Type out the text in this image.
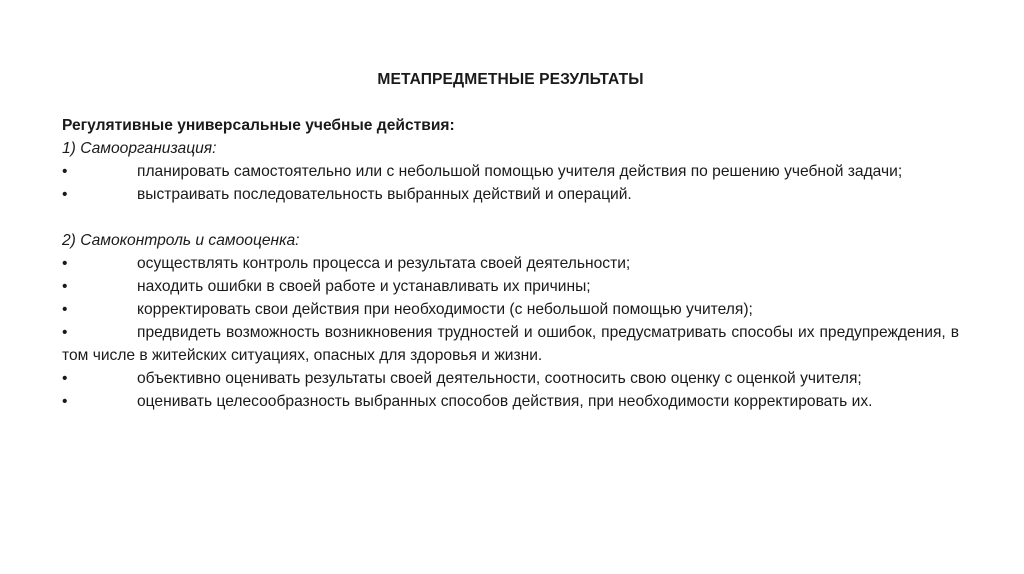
МЕТАПРЕДМЕТНЫЕ РЕЗУЛЬТАТЫ
Регулятивные универсальные учебные действия:
1) Самоорганизация:
•	планировать самостоятельно или с небольшой помощью учителя действия по решению учебной задачи;
•	выстраивать последовательность выбранных действий и операций.
2) Самоконтроль и самооценка:
•	осуществлять контроль процесса и результата своей деятельности;
•	находить ошибки в своей работе и устанавливать их причины;
•	корректировать свои действия при необходимости (с небольшой помощью учителя);
•	предвидеть возможность возникновения трудностей и ошибок, предусматривать способы их предупреждения, в том числе в житейских ситуациях, опасных для здоровья и жизни.
•	объективно оценивать результаты своей деятельности, соотносить свою оценку с оценкой учителя;
•	оценивать целесообразность выбранных способов действия, при необходимости корректировать их.
